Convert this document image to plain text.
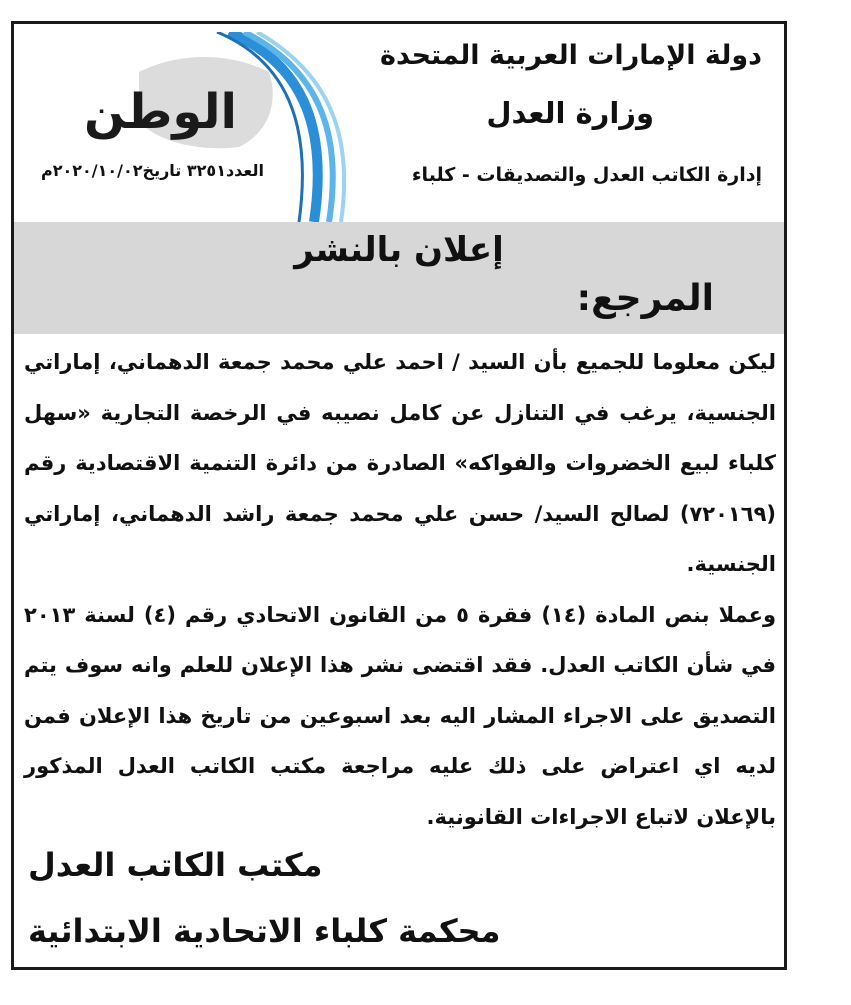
الوطن
العدد٣٢٥١ تاريخ٢٠٢٠/١٠/٠٢م
دولة الإمارات العربية المتحدة
وزارة العدل
إدارة الكاتب العدل والتصديقات - كلباء
إعلان بالنشر
المرجع:
ليكن معلوما للجميع بأن السيد / احمد علي محمد جمعة الدهماني، إماراتي الجنسية، يرغب في التنازل عن كامل نصيبه في الرخصة التجارية «سهل كلباء لبيع الخضروات والفواكه» الصادرة من دائرة التنمية الاقتصادية رقم (٧٢٠١٦٩) لصالح السيد/ حسن علي محمد جمعة راشد الدهماني، إماراتي الجنسية.
وعملا بنص المادة (١٤) فقرة ٥ من القانون الاتحادي رقم (٤) لسنة ٢٠١٣ في شأن الكاتب العدل. فقد اقتضى نشر هذا الإعلان للعلم وانه سوف يتم التصديق على الاجراء المشار اليه بعد اسبوعين من تاريخ هذا الإعلان فمن لديه اي اعتراض على ذلك عليه مراجعة مكتب الكاتب العدل المذكور بالإعلان لاتباع الاجراءات القانونية.
مكتب الكاتب العدل
محكمة كلباء الاتحادية الابتدائية
